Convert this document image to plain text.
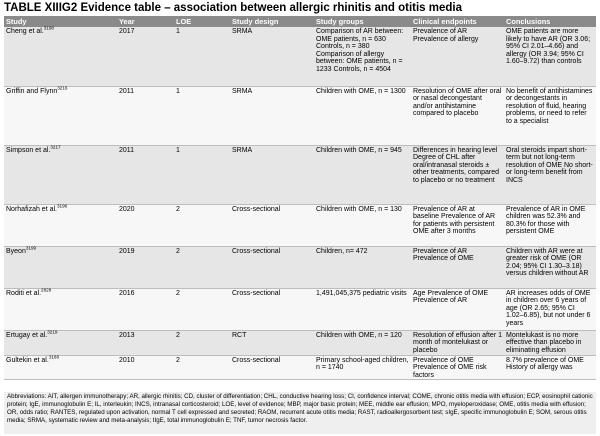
TABLE XIIIG2 Evidence table – association between allergic rhinitis and otitis media
Study	Year	LOE	Study design	Study groups	Clinical endpoints	Conclusions
Cheng et al.$^{3198}$	2017	1	SRMA	Comparison of AR between: OME patients, n = 630 Controls, n = 380 Comparison of allergy between: OME patients, n = 1233 Controls, n = 4504	Prevalence of AR Prevalence of allergy	OME patients are more likely to have AR (OR 3.06; 95% CI 2.01–4.66) and allergy (OR 3.94; 95% CI 1.60–9.72) than controls
Griffin and Flynn$^{3216}$	2011	1	SRMA	Children with OME, n = 1300	Resolution of OME after oral or nasal decongestant and/or antihistamine compared to placebo	No benefit of antihistamines or decongestants in resolution of fluid, hearing problems, or need to refer to a specialist
Simpson et al.$^{3217}$	2011	1	SRMA	Children with OME, n = 945	Differences in hearing level Degree of CHL after oral/intranasal steroids ± other treatments, compared to placebo or no treatment	Oral steroids impart short-term but not long-term resolution of OME No short- or long-term benefit from INCS
Norhafizah et al.$^{3196}$	2020	2	Cross-sectional	Children with OME, n = 130	Prevalence of AR at baseline Prevalence of AR for patients with persistent OME after 3 months	Prevalence of AR in OME children was 52.3% and 80.3% for those with persistent OME
Byeon$^{3199}$	2019	2	Cross-sectional	Children, n= 472	Prevalence of AR Prevalence of OME	Children with AR were at greater risk of OME (OR 2.04; 95% CI 1.30–3.18) versus children without AR
Roditi et al.$^{2828}$	2016	2	Cross-sectional	1,491,045,375 pediatric visits	Age Prevalence of OME Prevalence of AR	AR increases odds of OME in children over 6 years of age (OR 2.65; 95% CI 1.02–6.85), but not under 6 years
Ertugay et al.$^{3219}$	2013	2	RCT	Children with OME, n = 120	Resolution of effusion after 1 month of montelukast or placebo	Montelukast is no more effective than placebo in eliminating effusion
Gultekin et al.$^{3188}$	2010	2	Cross-sectional	Primary school-aged children, n = 1740	Prevalence of OME Prevalence of OME risk factors	8.7% prevalence of OME History of allergy was
Abbreviations: AIT, allergen immunotherapy; AR, allergic rhinitis; CD, cluster of differentiation; CHL, conductive hearing loss; CI, confidence interval; COME, chronic otitis media with effusion; ECP, eosinophil cationic protein; IgE, immunoglobulin E; IL, interleukin; INCS, intranasal corticosteroid; LOE, level of evidence; MBP, major basic protein; MEE, middle ear effusion; MPO, myeloperoxidase; OME, otitis media with effusion; OR, odds ratio; RANTES, regulated upon activation, normal T cell expressed and secreted; RAOM, recurrent acute otitis media; RAST, radioallergosorbent test; sIgE, specific immunoglobulin E; SOM, serous otitis media; SRMA, systematic review and meta-analysis; tIgE, total immunoglobulin E; TNF, tumor necrosis factor.
